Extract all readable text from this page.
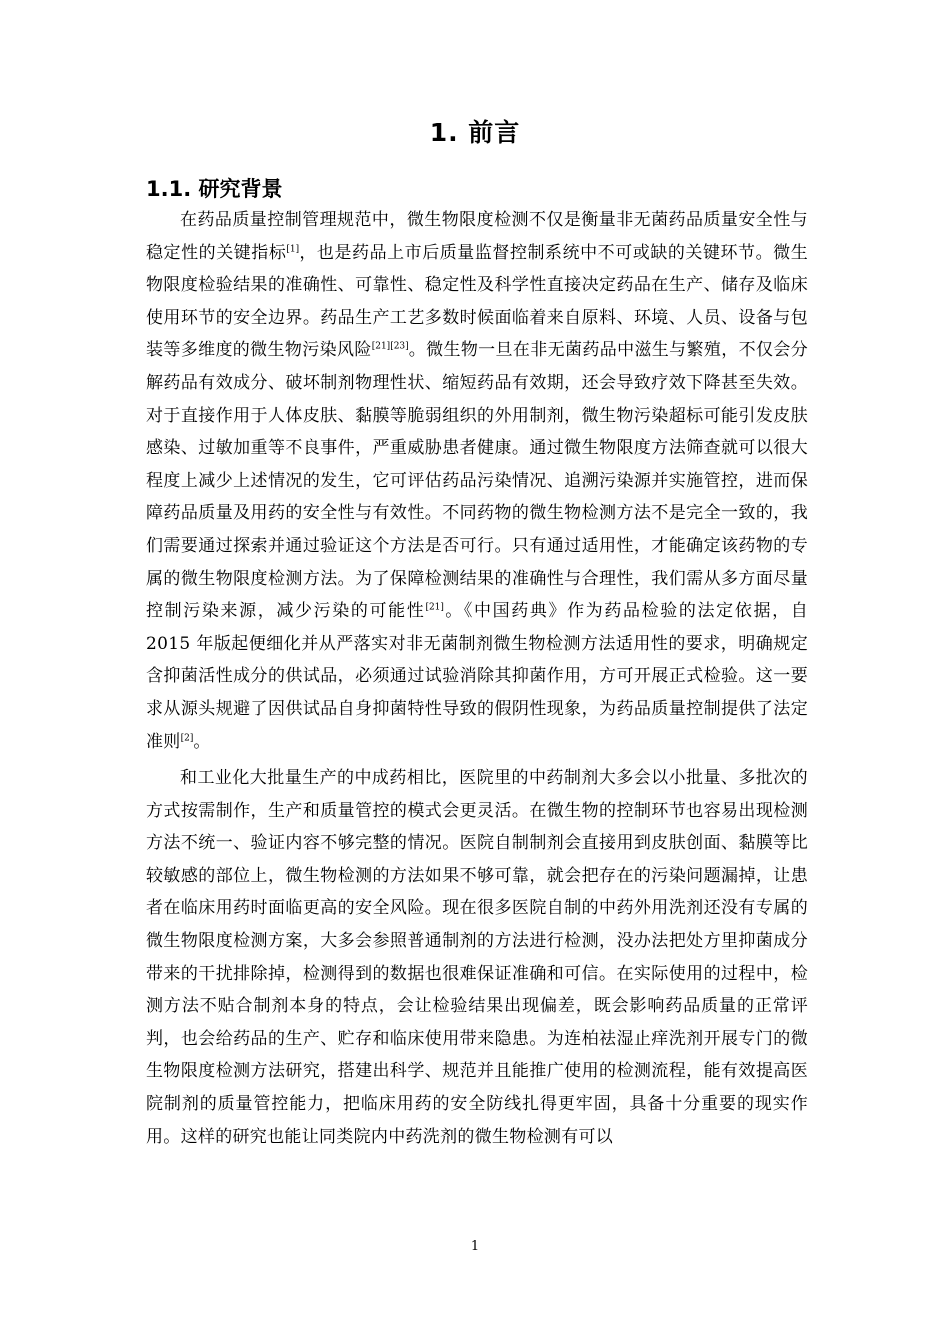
1. 前言
1.1. 研究背景

在药品质量控制管理规范中，微生物限度检测不仅是衡量非无菌药品质量安全性与稳定性的关键指标[1]，也是药品上市后质量监督控制系统中不可或缺的关键环节。微生物限度检验结果的准确性、可靠性、稳定性及科学性直接决定药品在生产、储存及临床使用环节的安全边界。药品生产工艺多数时候面临着来自原料、环境、人员、设备与包装等多维度的微生物污染风险[21][23]。微生物一旦在非无菌药品中滋生与繁殖，不仅会分解药品有效成分、破坏制剂物理性状、缩短药品有效期，还会导致疗效下降甚至失效。对于直接作用于人体皮肤、黏膜等脆弱组织的外用制剂，微生物污染超标可能引发皮肤感染、过敏加重等不良事件，严重威胁患者健康。通过微生物限度方法筛查就可以很大程度上减少上述情况的发生，它可评估药品污染情况、追溯污染源并实施管控，进而保障药品质量及用药的安全性与有效性。不同药物的微生物检测方法不是完全一致的，我们需要通过探索并通过验证这个方法是否可行。只有通过适用性，才能确定该药物的专属的微生物限度检测方法。为了保障检测结果的准确性与合理性，我们需从多方面尽量控制污染来源，减少污染的可能性[21]。《中国药典》作为药品检验的法定依据，自 2015 年版起便细化并从严落实对非无菌制剂微生物检测方法适用性的要求，明确规定含抑菌活性成分的供试品，必须通过试验消除其抑菌作用，方可开展正式检验。这一要求从源头规避了因供试品自身抑菌特性导致的假阴性现象，为药品质量控制提供了法定准则[2]。

和工业化大批量生产的中成药相比，医院里的中药制剂大多会以小批量、多批次的方式按需制作，生产和质量管控的模式会更灵活。在微生物的控制环节也容易出现检测方法不统一、验证内容不够完整的情况。医院自制制剂会直接用到皮肤创面、黏膜等比较敏感的部位上，微生物检测的方法如果不够可靠，就会把存在的污染问题漏掉，让患者在临床用药时面临更高的安全风险。现在很多医院自制的中药外用洗剂还没有专属的微生物限度检测方案，大多会参照普通制剂的方法进行检测，没办法把处方里抑菌成分带来的干扰排除掉，检测得到的数据也很难保证准确和可信。在实际使用的过程中，检测方法不贴合制剂本身的特点，会让检验结果出现偏差，既会影响药品质量的正常评判，也会给药品的生产、贮存和临床使用带来隐患。为连柏祛湿止痒洗剂开展专门的微生物限度检测方法研究，搭建出科学、规范并且能推广使用的检测流程，能有效提高医院制剂的质量管控能力，把临床用药的安全防线扎得更牢固，具备十分重要的现实作用。这样的研究也能让同类院内中药洗剂的微生物检测有可以

1
